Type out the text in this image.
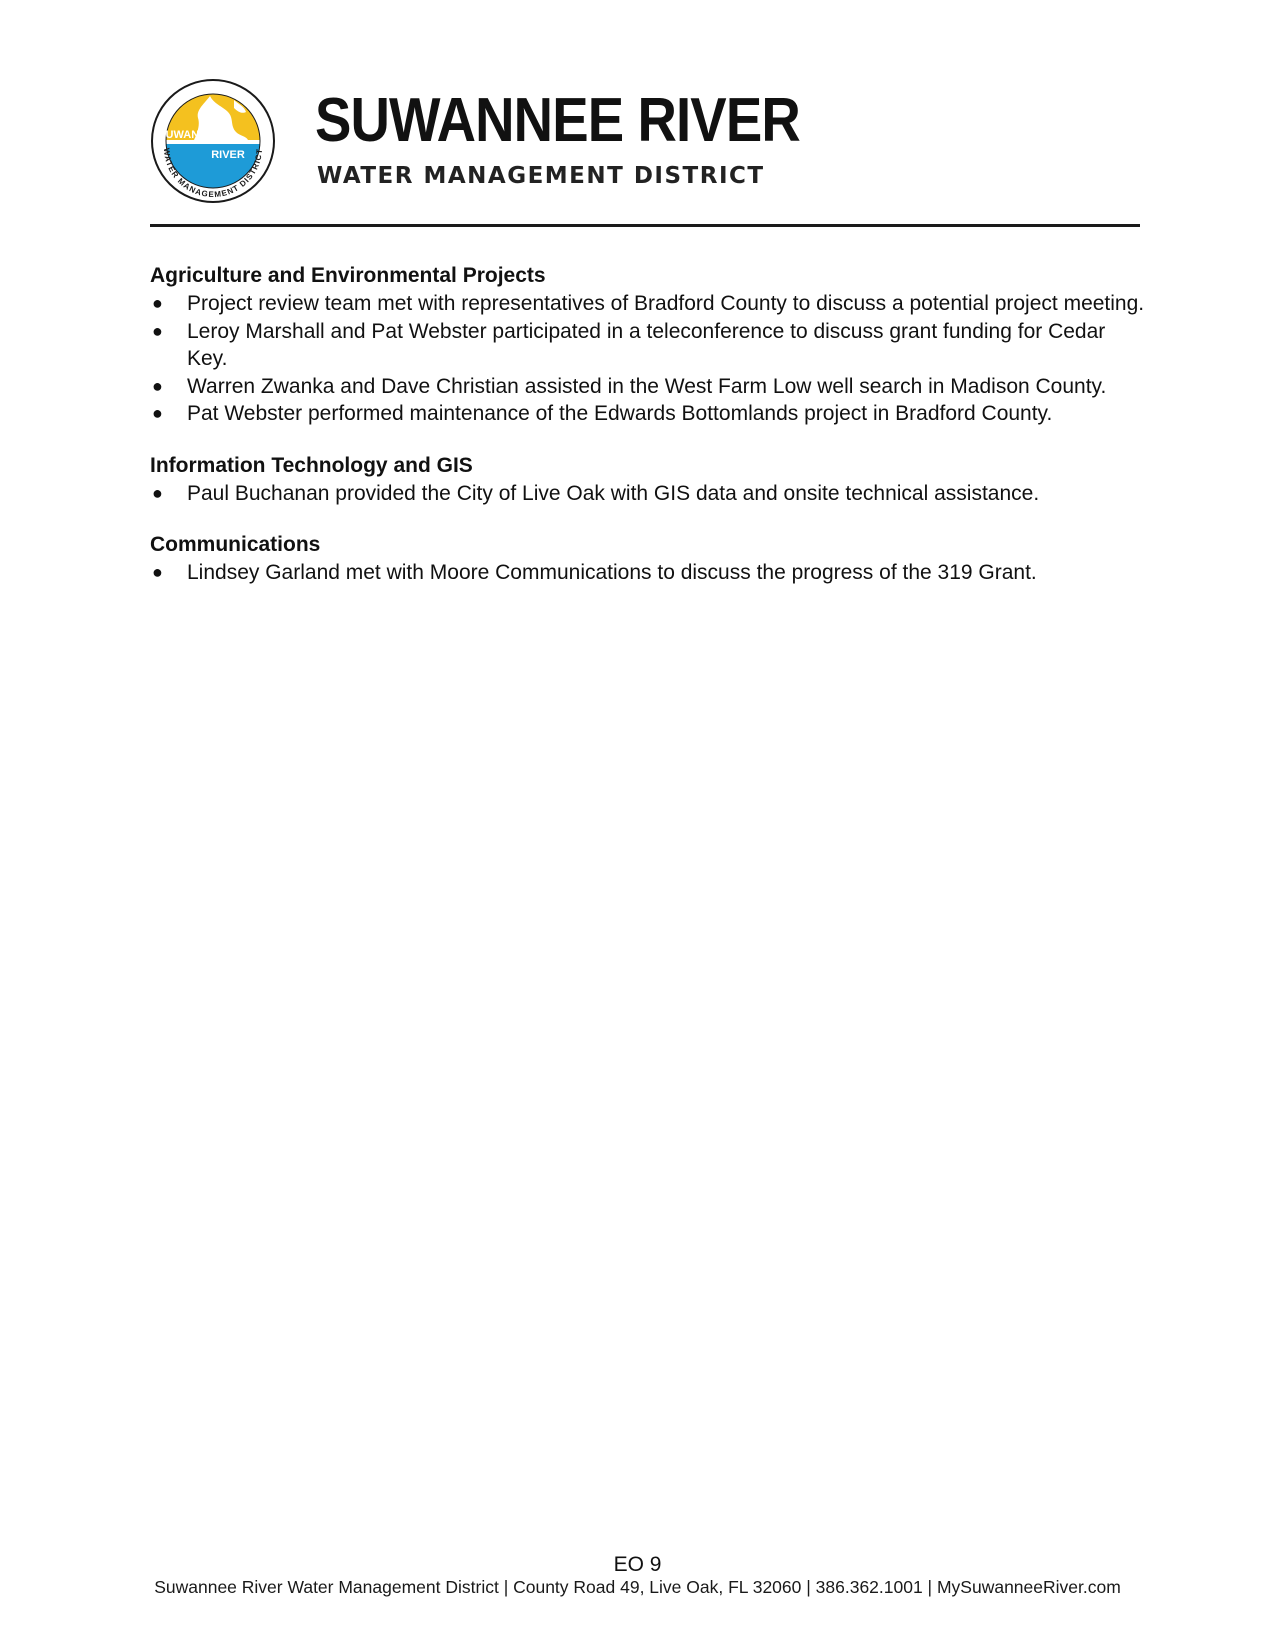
SUWANNEE
RIVER
WATER MANAGEMENT DISTRICT SUWANNEE RIVER
WATER MANAGEMENT DISTRICT
Agriculture and Environmental Projects
● Project review team met with representatives of Bradford County to discuss a potential project meeting.
● Leroy Marshall and Pat Webster participated in a teleconference to discuss grant funding for Cedar Key.
● Warren Zwanka and Dave Christian assisted in the West Farm Low well search in Madison County.
● Pat Webster performed maintenance of the Edwards Bottomlands project in Bradford County.
Information Technology and GIS
● Paul Buchanan provided the City of Live Oak with GIS data and onsite technical assistance.
Communications
● Lindsey Garland met with Moore Communications to discuss the progress of the 319 Grant.
EO 9
Suwannee River Water Management District | County Road 49, Live Oak, FL 32060 | 386.362.1001 | MySuwanneeRiver.com
